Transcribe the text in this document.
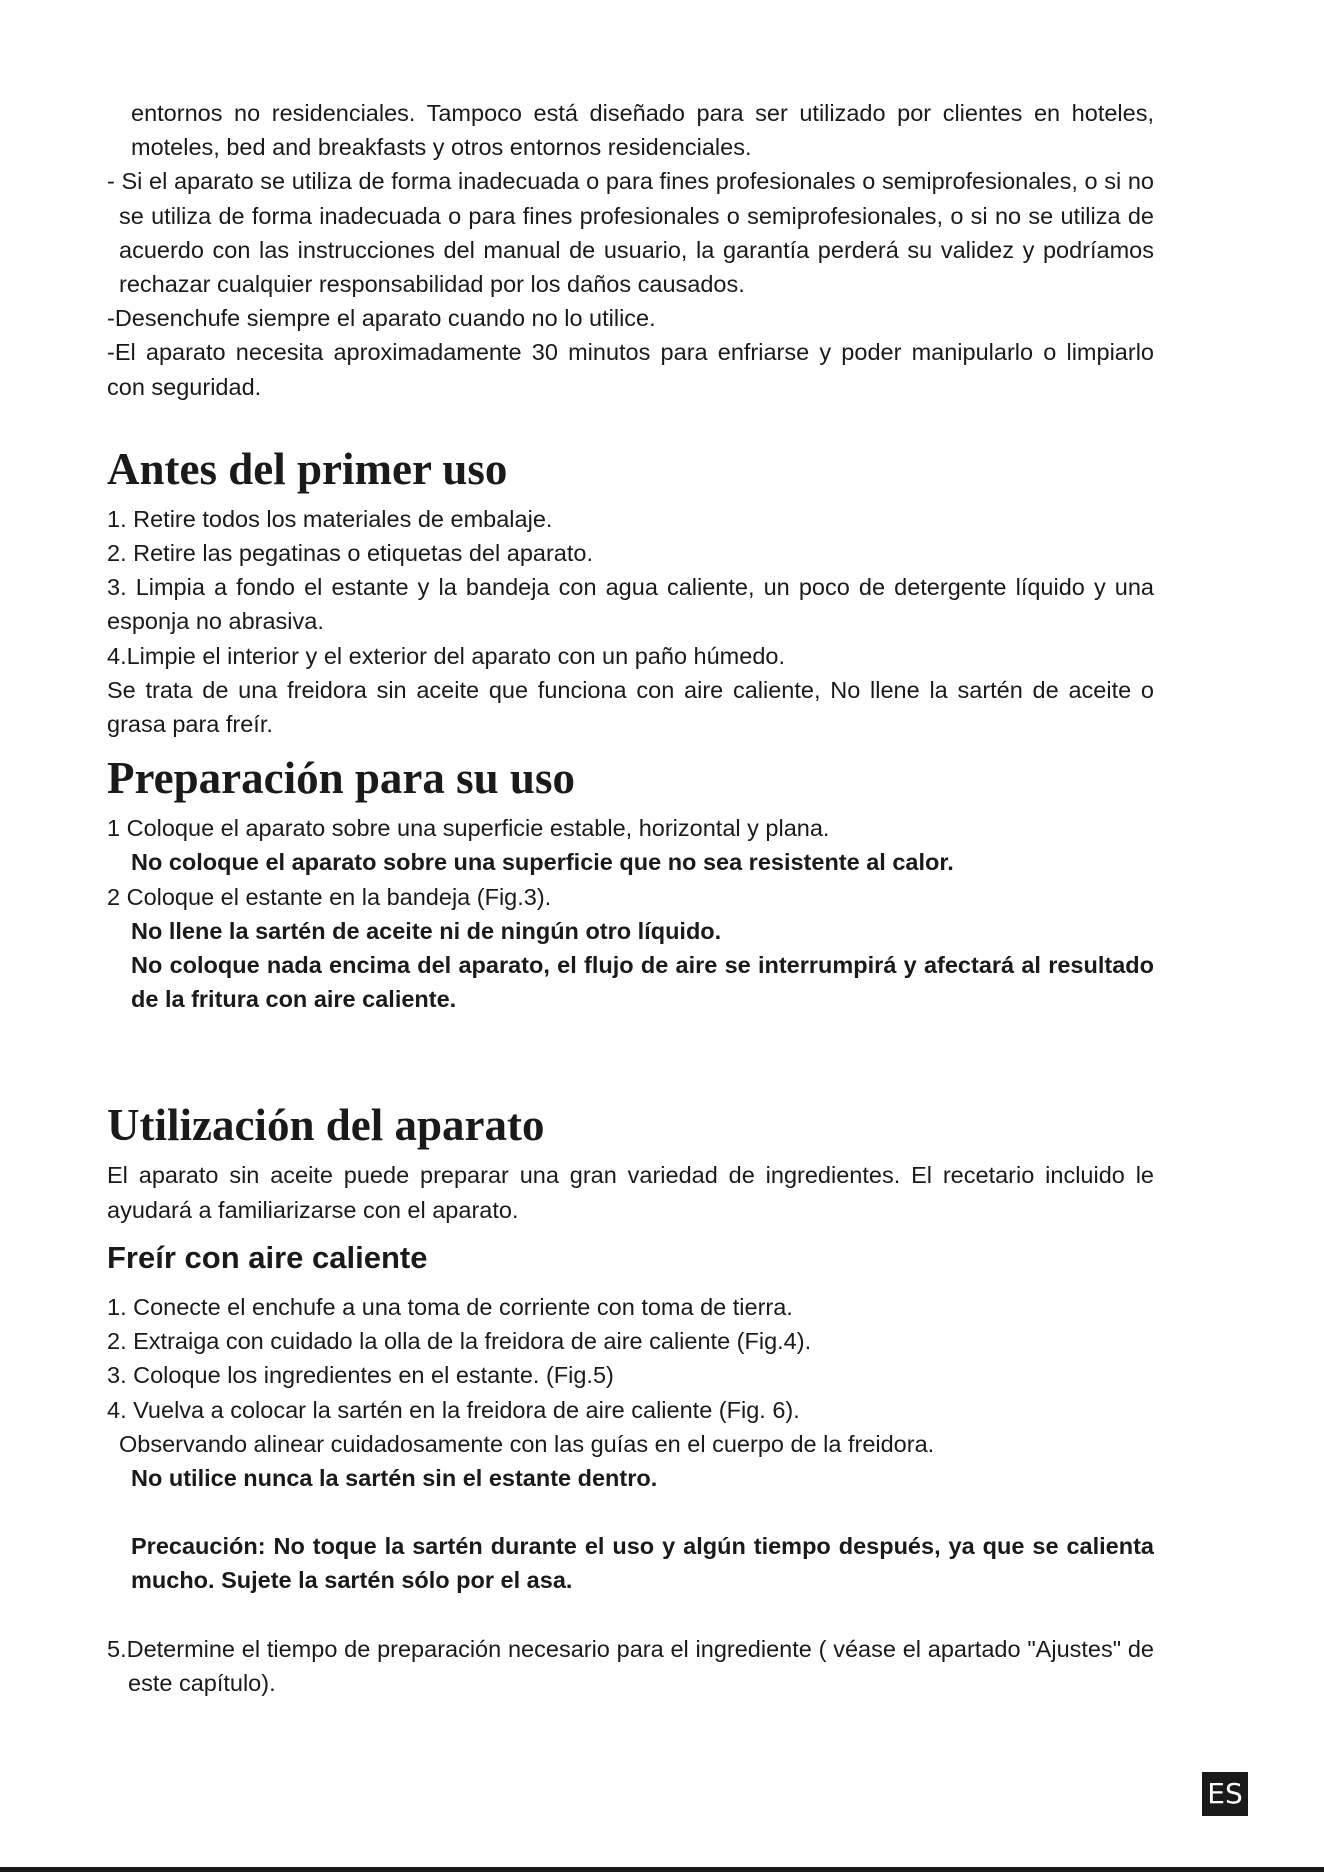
entornos no residenciales. Tampoco está diseñado para ser utilizado por clientes en hoteles, moteles, bed and breakfasts y otros entornos residenciales.

- Si el aparato se utiliza de forma inadecuada o para fines profesionales o semiprofesionales, o si no se utiliza de forma inadecuada o para fines profesionales o semiprofesionales, o si no se utiliza de acuerdo con las instrucciones del manual de usuario, la garantía perderá su validez y podríamos rechazar cualquier responsabilidad por los daños causados.

-Desenchufe siempre el aparato cuando no lo utilice.

-El aparato necesita aproximadamente 30 minutos para enfriarse y poder manipularlo o limpiarlo con seguridad.

Antes del primer uso

1. Retire todos los materiales de embalaje.

2. Retire las pegatinas o etiquetas del aparato.

3. Limpia a fondo el estante y la bandeja con agua caliente, un poco de detergente líquido y una esponja no abrasiva.

4.Limpie el interior y el exterior del aparato con un paño húmedo.

Se trata de una freidora sin aceite que funciona con aire caliente, No llene la sartén de aceite o grasa para freír.

Preparación para su uso

1 Coloque el aparato sobre una superficie estable, horizontal y plana.

No coloque el aparato sobre una superficie que no sea resistente al calor.

2 Coloque el estante en la bandeja (Fig.3).

No llene la sartén de aceite ni de ningún otro líquido.

No coloque nada encima del aparato, el flujo de aire se interrumpirá y afectará al resultado de la fritura con aire caliente.

Utilización del aparato

El aparato sin aceite puede preparar una gran variedad de ingredientes. El recetario incluido le ayudará a familiarizarse con el aparato.

Freír con aire caliente

1. Conecte el enchufe a una toma de corriente con toma de tierra.

2. Extraiga con cuidado la olla de la freidora de aire caliente (Fig.4).

3. Coloque los ingredientes en el estante. (Fig.5)

4. Vuelva a colocar la sartén en la freidora de aire caliente (Fig. 6).

Observando alinear cuidadosamente con las guías en el cuerpo de la freidora.

No utilice nunca la sartén sin el estante dentro.

Precaución: No toque la sartén durante el uso y algún tiempo después, ya que se calienta mucho. Sujete la sartén sólo por el asa.

5.Determine el tiempo de preparación necesario para el ingrediente ( véase el apartado "Ajustes" de este capítulo).

ES
